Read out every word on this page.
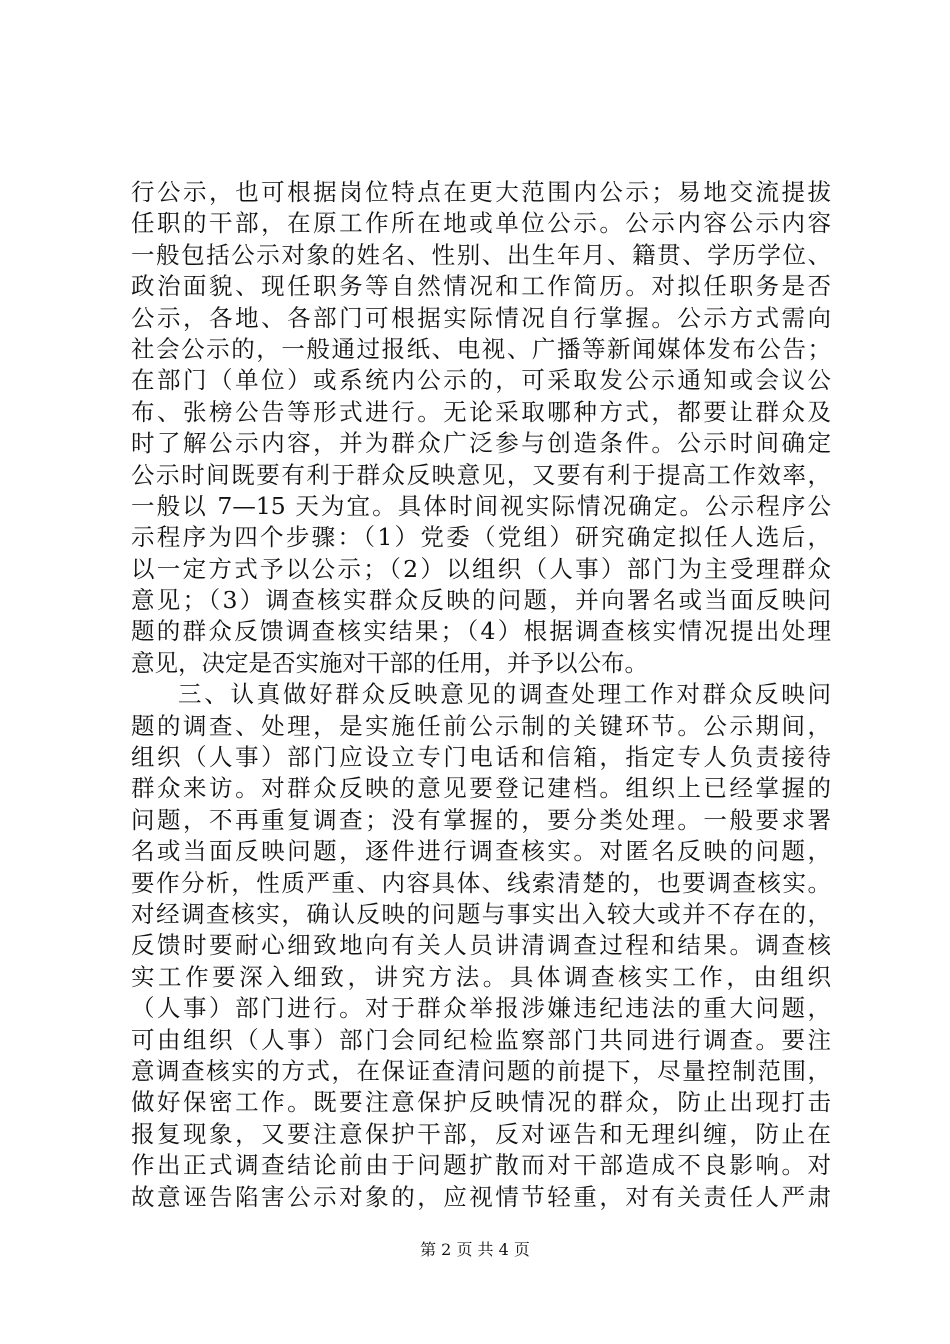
行公示，也可根据岗位特点在更大范围内公示；易地交流提拔
任职的干部，在原工作所在地或单位公示。公示内容公示内容
一般包括公示对象的姓名、性别、出生年月、籍贯、学历学位、
政治面貌、现任职务等自然情况和工作简历。对拟任职务是否
公示，各地、各部门可根据实际情况自行掌握。公示方式需向
社会公示的，一般通过报纸、电视、广播等新闻媒体发布公告；
在部门（单位）或系统内公示的，可采取发公示通知或会议公
布、张榜公告等形式进行。无论采取哪种方式，都要让群众及
时了解公示内容，并为群众广泛参与创造条件。公示时间确定
公示时间既要有利于群众反映意见，又要有利于提高工作效率，
一般以 7—15 天为宜。具体时间视实际情况确定。公示程序公
示程序为四个步骤：（1）党委（党组）研究确定拟任人选后，
以一定方式予以公示；（2）以组织（人事）部门为主受理群众
意见；（3）调查核实群众反映的问题，并向署名或当面反映问
题的群众反馈调查核实结果；（4）根据调查核实情况提出处理
意见，决定是否实施对干部的任用，并予以公布。
三、认真做好群众反映意见的调查处理工作对群众反映问
题的调查、处理，是实施任前公示制的关键环节。公示期间，
组织（人事）部门应设立专门电话和信箱，指定专人负责接待
群众来访。对群众反映的意见要登记建档。组织上已经掌握的
问题，不再重复调查；没有掌握的，要分类处理。一般要求署
名或当面反映问题，逐件进行调查核实。对匿名反映的问题，
要作分析，性质严重、内容具体、线索清楚的，也要调查核实。
对经调查核实，确认反映的问题与事实出入较大或并不存在的，
反馈时要耐心细致地向有关人员讲清调查过程和结果。调查核
实工作要深入细致，讲究方法。具体调查核实工作，由组织
（人事）部门进行。对于群众举报涉嫌违纪违法的重大问题，
可由组织（人事）部门会同纪检监察部门共同进行调查。要注
意调查核实的方式，在保证查清问题的前提下，尽量控制范围，
做好保密工作。既要注意保护反映情况的群众，防止出现打击
报复现象，又要注意保护干部，反对诬告和无理纠缠，防止在
作出正式调查结论前由于问题扩散而对干部造成不良影响。对
故意诬告陷害公示对象的，应视情节轻重，对有关责任人严肃
第 2 页 共 4 页
